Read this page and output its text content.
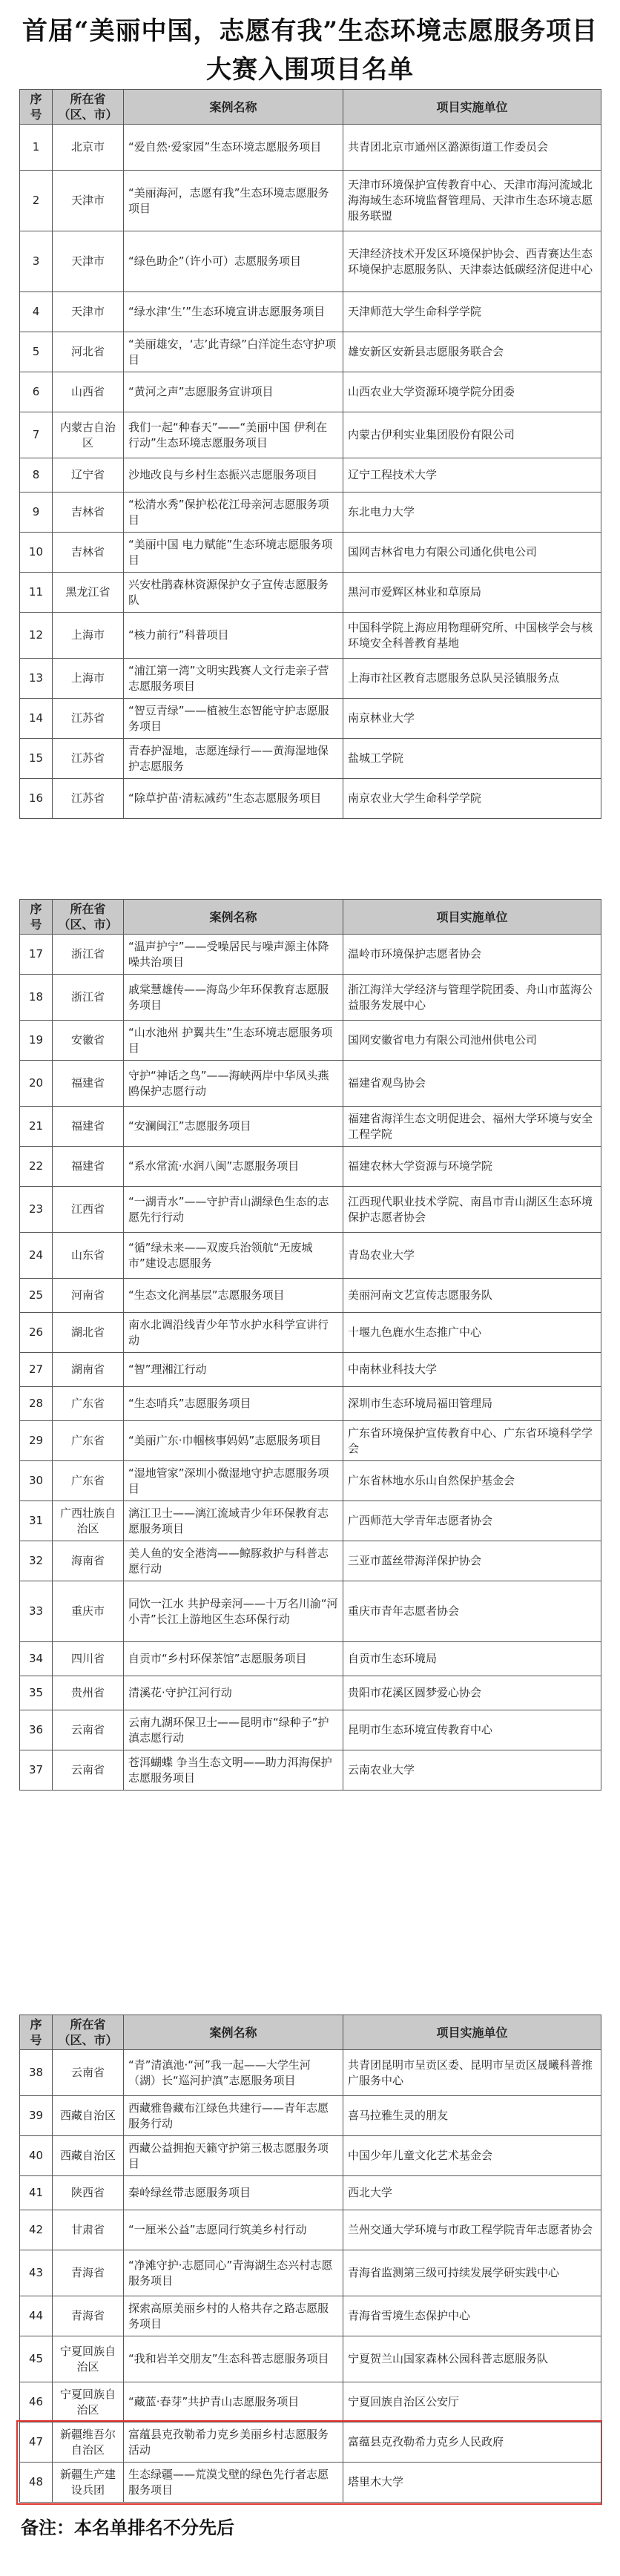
首届“美丽中国，志愿有我”生态环境志愿服务项目
大赛入围项目名单
序号	所在省（区、市）	案例名称	项目实施单位
1	北京市	“爱自然·爱家园”生态环境志愿服务项目	共青团北京市通州区潞源街道工作委员会
2	天津市	“美丽海河，志愿有我”生态环境志愿服务项目	天津市环境保护宣传教育中心、天津市海河流域北海海域生态环境监督管理局、天津市生态环境志愿服务联盟
3	天津市	“绿色助企”（许小可）志愿服务项目	天津经济技术开发区环境保护协会、西青赛达生态环境保护志愿服务队、天津泰达低碳经济促进中心
4	天津市	“绿水津‘生’”生态环境宣讲志愿服务项目	天津师范大学生命科学学院
5	河北省	“美丽雄安，‘志’此青绿”白洋淀生态守护项目	雄安新区安新县志愿服务联合会
6	山西省	“黄河之声”志愿服务宣讲项目	山西农业大学资源环境学院分团委
7	内蒙古自治区	我们一起“种春天”——“美丽中国 伊利在行动”生态环境志愿服务项目	内蒙古伊利实业集团股份有限公司
8	辽宁省	沙地改良与乡村生态振兴志愿服务项目	辽宁工程技术大学
9	吉林省	“松清水秀”保护松花江母亲河志愿服务项目	东北电力大学
10	吉林省	“美丽中国 电力赋能”生态环境志愿服务项目	国网吉林省电力有限公司通化供电公司
11	黑龙江省	兴安杜鹃森林资源保护女子宣传志愿服务队	黑河市爱辉区林业和草原局
12	上海市	“核力前行”科普项目	中国科学院上海应用物理研究所、中国核学会与核环境安全科普教育基地
13	上海市	“浦江第一湾”文明实践赛人文行走亲子营志愿服务项目	上海市社区教育志愿服务总队吴泾镇服务点
14	江苏省	“智豆青绿”——植被生态智能守护志愿服务项目	南京林业大学
15	江苏省	青春护湿地，志愿连绿行——黄海湿地保护志愿服务	盐城工学院
16	江苏省	“除草护苗·清耘减药”生态志愿服务项目	南京农业大学生命科学学院
序号	所在省（区、市）	案例名称	项目实施单位
17	浙江省	“温声护宁”——受噪居民与噪声源主体降噪共治项目	温岭市环境保护志愿者协会
18	浙江省	戚棠慧雄传——海岛少年环保教育志愿服务项目	浙江海洋大学经济与管理学院团委、舟山市蓝海公益服务发展中心
19	安徽省	“山水池州 护翼共生”生态环境志愿服务项目	国网安徽省电力有限公司池州供电公司
20	福建省	守护“神话之鸟”——海峡两岸中华凤头燕鸥保护志愿行动	福建省观鸟协会
21	福建省	“安澜闽江”志愿服务项目	福建省海洋生态文明促进会、福州大学环境与安全工程学院
22	福建省	“系水常流·水润八闽”志愿服务项目	福建农林大学资源与环境学院
23	江西省	“一湖青水”——守护青山湖绿色生态的志愿先行行动	江西现代职业技术学院、南昌市青山湖区生态环境保护志愿者协会
24	山东省	“循”绿未来——双废兵治领航“无废城市”建设志愿服务	青岛农业大学
25	河南省	“生态文化润基层”志愿服务项目	美丽河南文艺宣传志愿服务队
26	湖北省	南水北调沿线青少年节水护水科学宣讲行动	十堰九色鹿水生态推广中心
27	湖南省	“智”理湘江行动	中南林业科技大学
28	广东省	“生态哨兵”志愿服务项目	深圳市生态环境局福田管理局
29	广东省	“美丽广东·巾帼核事妈妈”志愿服务项目	广东省环境保护宣传教育中心、广东省环境科学学会
30	广东省	“湿地管家”深圳小微湿地守护志愿服务项目	广东省林地水乐山自然保护基金会
31	广西壮族自治区	漓江卫士——漓江流域青少年环保教育志愿服务项目	广西师范大学青年志愿者协会
32	海南省	美人鱼的安全港湾——鲸豚救护与科普志愿行动	三亚市蓝丝带海洋保护协会
33	重庆市	同饮一江水 共护母亲河——十万名川渝“河小青”长江上游地区生态环保行动	重庆市青年志愿者协会
34	四川省	自贡市“乡村环保茶馆”志愿服务项目	自贡市生态环境局
35	贵州省	清溪花·守护江河行动	贵阳市花溪区圆梦爱心协会
36	云南省	云南九湖环保卫士——昆明市“绿种子”护滇志愿行动	昆明市生态环境宣传教育中心
37	云南省	苍洱蝴蝶 争当生态文明——助力洱海保护志愿服务项目	云南农业大学
序号	所在省（区、市）	案例名称	项目实施单位
38	云南省	“青”清滇池·“河”我一起——大学生河（湖）长“巡河护滇”志愿服务项目	共青团昆明市呈贡区委、昆明市呈贡区晟曦科普推广服务中心
39	西藏自治区	西藏雅鲁藏布江绿色共建行——青年志愿服务行动	喜马拉雅生灵的朋友
40	西藏自治区	西藏公益拥抱天籁守护第三极志愿服务项目	中国少年儿童文化艺术基金会
41	陕西省	秦岭绿丝带志愿服务项目	西北大学
42	甘肃省	“一厘米公益”志愿同行筑美乡村行动	兰州交通大学环境与市政工程学院青年志愿者协会
43	青海省	“净滩守护·志愿同心”青海湖生态兴村志愿服务项目	青海省监测第三级可持续发展学研实践中心
44	青海省	探索高原美丽乡村的人格共存之路志愿服务项目	青海省雪境生态保护中心
45	宁夏回族自治区	“我和岩羊交朋友”生态科普志愿服务项目	宁夏贺兰山国家森林公园科普志愿服务队
46	宁夏回族自治区	“藏蓝·春芽”共护青山志愿服务项目	宁夏回族自治区公安厅
47	新疆维吾尔自治区	富蕴县克孜勒希力克乡美丽乡村志愿服务活动	富蕴县克孜勒希力克乡人民政府
48	新疆生产建设兵团	生态绿疆——荒漠戈壁的绿色先行者志愿服务项目	塔里木大学
备注：本名单排名不分先后
